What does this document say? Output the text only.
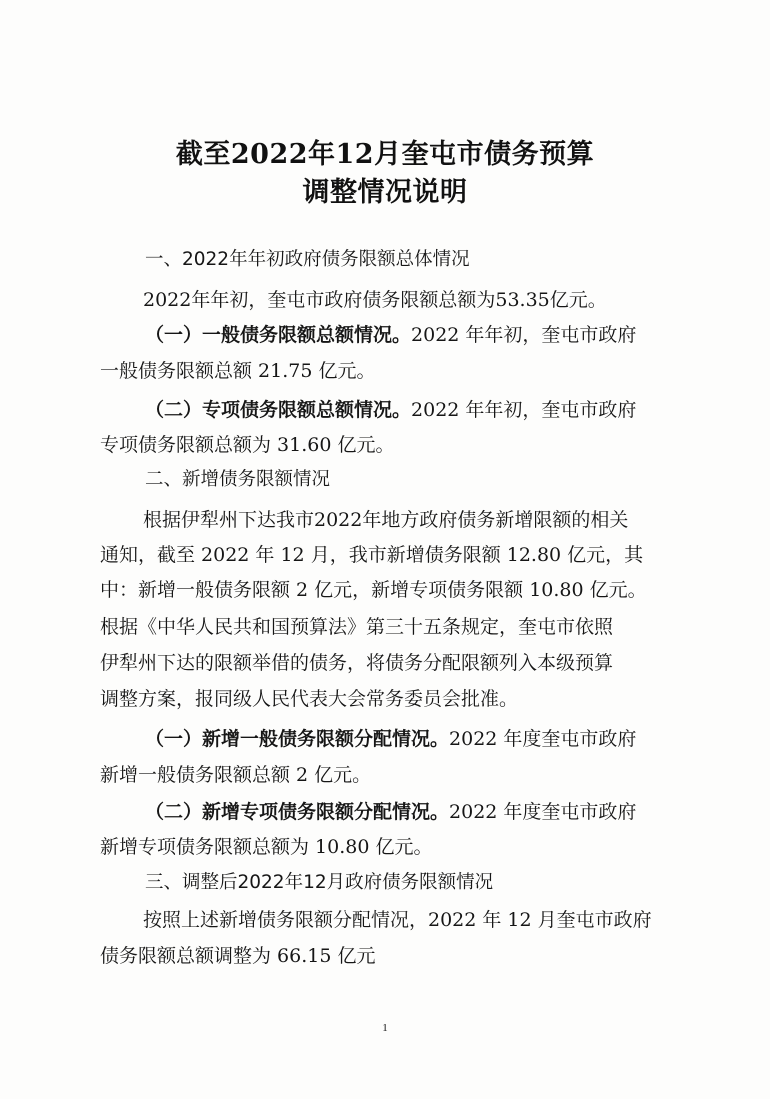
截至2022年12月奎屯市债务预算
调整情况说明
一、2022年年初政府债务限额总体情况
2022年年初，奎屯市政府债务限额总额为53.35亿元。
（一）一般债务限额总额情况。2022 年年初，奎屯市政府
一般债务限额总额 21.75 亿元。
（二）专项债务限额总额情况。2022 年年初，奎屯市政府
专项债务限额总额为 31.60 亿元。
二、新增债务限额情况
根据伊犁州下达我市2022年地方政府债务新增限额的相关
通知，截至 2022 年 12 月，我市新增债务限额 12.80 亿元，其
中：新增一般债务限额 2 亿元，新增专项债务限额 10.80 亿元。
根据《中华人民共和国预算法》第三十五条规定，奎屯市依照
伊犁州下达的限额举借的债务，将债务分配限额列入本级预算
调整方案，报同级人民代表大会常务委员会批准。
（一）新增一般债务限额分配情况。2022 年度奎屯市政府
新增一般债务限额总额 2 亿元。
（二）新增专项债务限额分配情况。2022 年度奎屯市政府
新增专项债务限额总额为 10.80 亿元。
三、调整后2022年12月政府债务限额情况
按照上述新增债务限额分配情况，2022 年 12 月奎屯市政府
债务限额总额调整为 66.15 亿元
1
